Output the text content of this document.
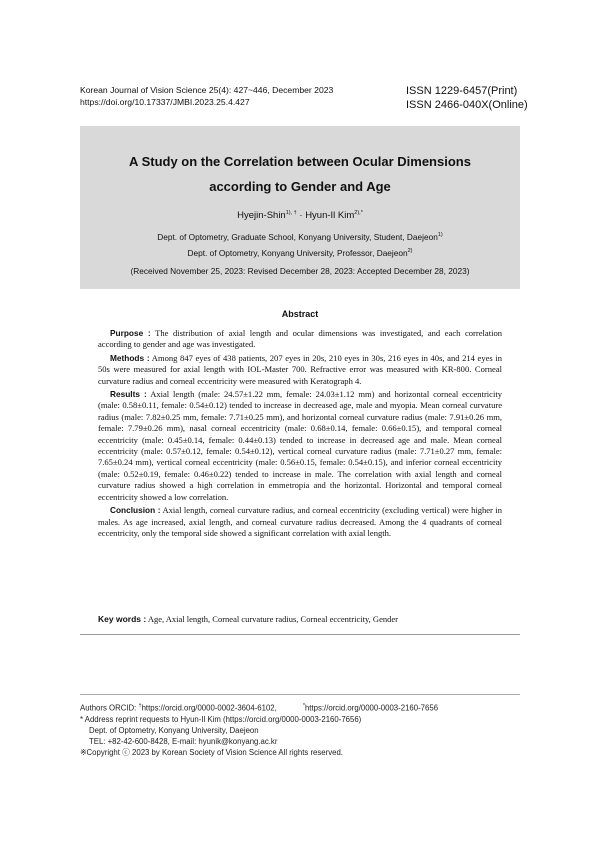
Korean Journal of Vision Science 25(4): 427~446, December 2023
https://doi.org/10.17337/JMBI.2023.25.4.427
ISSN 1229-6457(Print)
ISSN 2466-040X(Online)
A Study on the Correlation between Ocular Dimensions
according to Gender and Age
Hyejin-Shin$^{1), \dagger}$ · Hyun-Il Kim$^{2),*}$
Dept. of Optometry, Graduate School, Konyang University, Student, Daejeon$^{1)}$
Dept. of Optometry, Konyang University, Professor, Daejeon$^{2)}$
(Received November 25, 2023: Revised December 28, 2023: Accepted December 28, 2023)
Abstract

Purpose : The distribution of axial length and ocular dimensions was investigated, and each correlation according to gender and age was investigated.

Methods : Among 847 eyes of 438 patients, 207 eyes in 20s, 210 eyes in 30s, 216 eyes in 40s, and 214 eyes in 50s were measured for axial length with IOL-Master 700. Refractive error was measured with KR-800. Corneal curvature radius and corneal eccentricity were measured with Keratograph 4.

Results : Axial length (male: 24.57±1.22 mm, female: 24.03±1.12 mm) and horizontal corneal eccentricity (male: 0.58±0.11, female: 0.54±0.12) tended to increase in decreased age, male and myopia. Mean corneal curvature radius (male: 7.82±0.25 mm, female: 7.71±0.25 mm), and horizontal corneal curvature radius (male: 7.91±0.26 mm, female: 7.79±0.26 mm), nasal corneal eccentricity (male: 0.68±0.14, female: 0.66±0.15), and temporal corneal eccentricity (male: 0.45±0.14, female: 0.44±0.13) tended to increase in decreased age and male. Mean corneal eccentricity (male: 0.57±0.12, female: 0.54±0.12), vertical corneal curvature radius (male: 7.71±0.27 mm, female: 7.65±0.24 mm), vertical corneal eccentricity (male: 0.56±0.15, female: 0.54±0.15), and inferior corneal eccentricity (male: 0.52±0.19, female: 0.46±0.22) tended to increase in male. The correlation with axial length and corneal curvature radius showed a high correlation in emmetropia and the horizontal. Horizontal and temporal corneal eccentricity showed a low correlation.

Conclusion : Axial length, corneal curvature radius, and corneal eccentricity (excluding vertical) were higher in males. As age increased, axial length, and corneal curvature radius decreased. Among the 4 quadrants of corneal eccentricity, only the temporal side showed a significant correlation with axial length.

Key words : Age, Axial length, Corneal curvature radius, Corneal eccentricity, Gender
Authors ORCID: †https://orcid.org/0000-0002-3604-6102,	*https://orcid.org/0000-0003-2160-7656
* Address reprint requests to Hyun-Il Kim (https://orcid.org/0000-0003-2160-7656)
Dept. of Optometry, Konyang University, Daejeon
TEL: +82-42-600-8428, E-mail: hyunik@konyang.ac.kr
※Copyright ⓒ 2023 by Korean Society of Vision Science All rights reserved.
